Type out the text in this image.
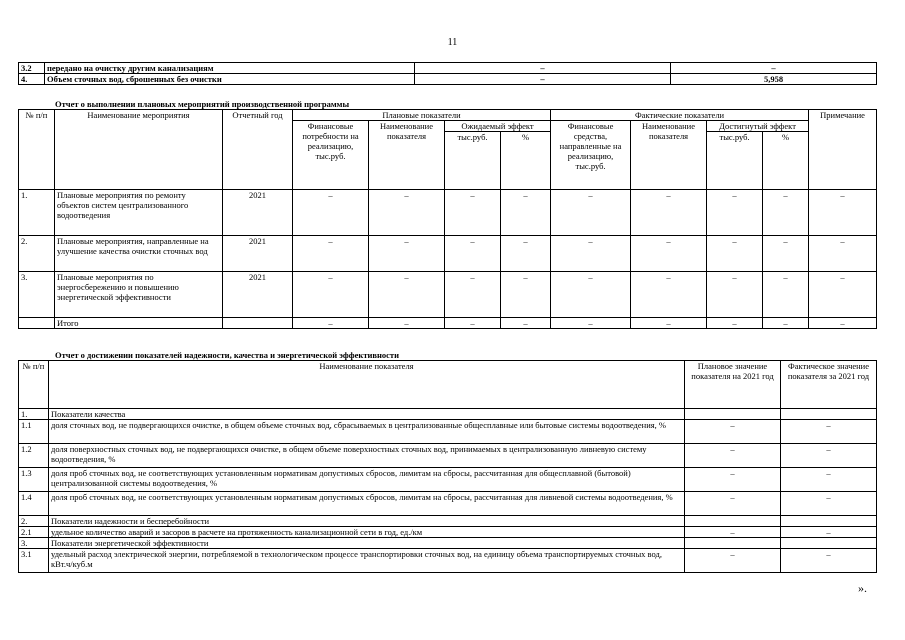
11
3.2	передано на очистку другим канализациям	–	–
4.	Объем сточных вод, сброшенных без очистки	–	5,958
Отчет о выполнении плановых мероприятий производственной программы
№ п/п	Наименование мероприятия	Отчетный год	Плановые показатели				Фактические показатели				Примечание
			Финансовые потребности на реализацию, тыс.руб.	Наименование показателя	Ожидаемый эффект		Финансовые средства, направленные на реализацию, тыс.руб.	Наименование показателя	Достигнутый эффект		
					тыс.руб.	%			тыс.руб.	%	
1.	Плановые мероприятия по ремонту объектов систем централизованного водоотведения	2021	–	–	–	–	–	–	–	–	–
2.	Плановые мероприятия, направленные на улучшение качества очистки сточных вод	2021	–	–	–	–	–	–	–	–	–
3.	Плановые мероприятия по энергосбережению и повышению энергетической эффективности	2021	–	–	–	–	–	–	–	–	–
	Итого		–	–	–	–	–	–	–	–	–
Отчет о достижении показателей надежности, качества и энергетической эффективности
№ п/п	Наименование показателя	Плановое значение показателя на 2021 год	Фактическое значение показателя за 2021 год
1.	Показатели качества		
1.1	доля сточных вод, не подвергающихся очистке, в общем объеме сточных вод, сбрасываемых в централизованные общесплавные или бытовые системы водоотведения, %	–	–
1.2	доля поверхностных сточных вод, не подвергающихся очистке, в общем объеме поверхностных сточных вод, принимаемых в централизованную ливневую систему водоотведения, %	–	–
1.3	доля проб сточных вод, не соответствующих установленным нормативам допустимых сбросов, лимитам на сбросы, рассчитанная для общесплавной (бытовой) централизованной системы водоотведения, %	–	–
1.4	доля проб сточных вод, не соответствующих установленным нормативам допустимых сбросов, лимитам на сбросы, рассчитанная для ливневой системы водоотведения, %	–	–
2.	Показатели надежности и бесперебойности		
2.1	удельное количество аварий и засоров в расчете на протяженность канализационной сети в год, ед./км	–	–
3.	Показатели энергетической эффективности		
3.1	удельный расход электрической энергии, потребляемой в технологическом процессе транспортировки сточных вод, на единицу объема транспортируемых сточных вод, кВт.ч/куб.м	–	–
».
